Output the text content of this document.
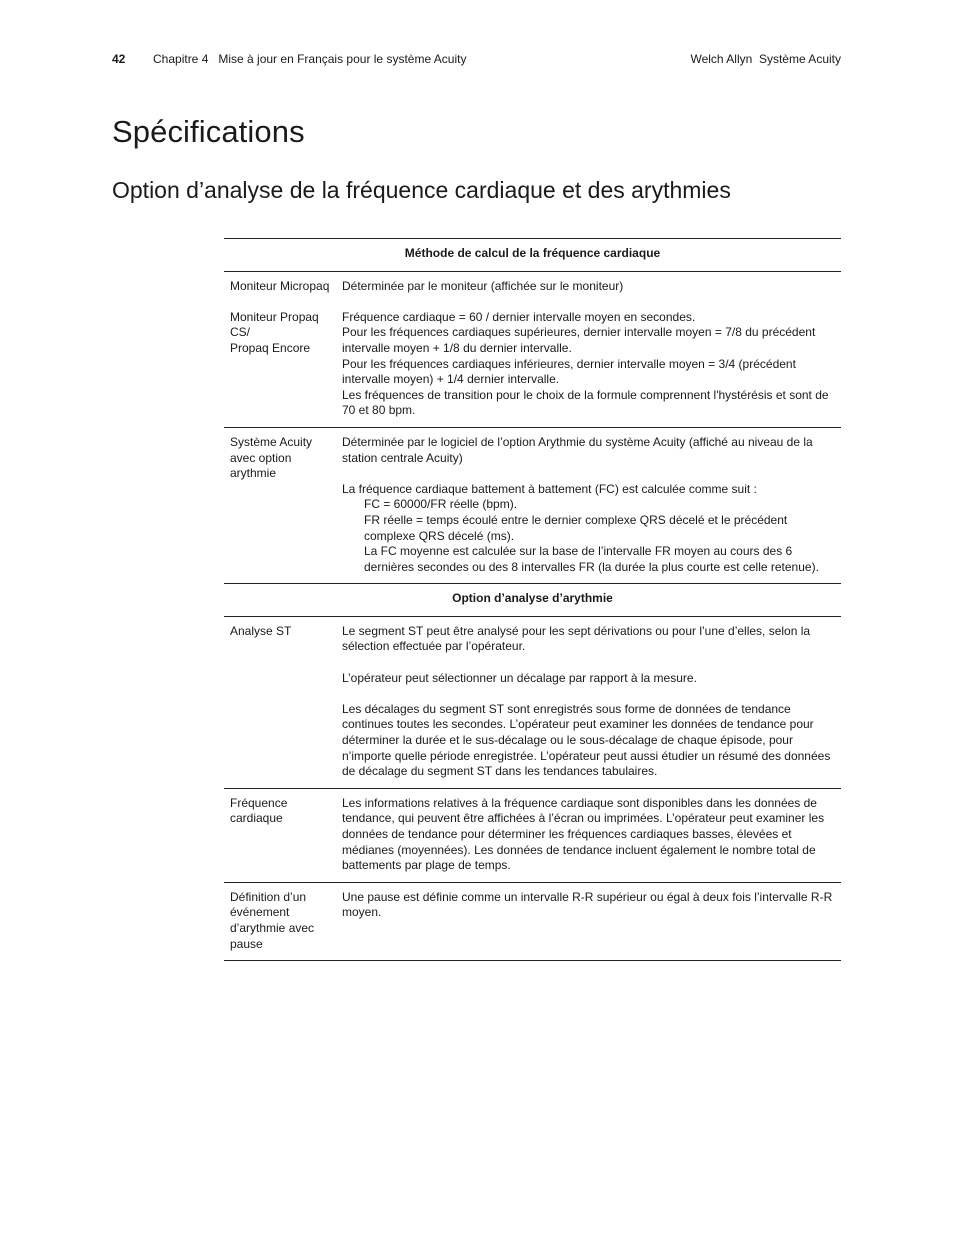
42 Chapitre 4   Mise à jour en Français pour le système Acuity	Welch Allyn  Système Acuity
Spécifications
Option d’analyse de la fréquence cardiaque et des arythmies
Méthode de calcul de la fréquence cardiaque

Moniteur Micropaq

Moniteur Propaq

CS/

Propaq Encore

Déterminée par le moniteur (affichée sur le moniteur)

Fréquence cardiaque = 60 / dernier intervalle moyen en secondes.

Pour les fréquences cardiaques supérieures, dernier intervalle moyen = 7/8 du précédent intervalle moyen + 1/8 du dernier intervalle.

Pour les fréquences cardiaques inférieures, dernier intervalle moyen = 3/4 (précédent intervalle moyen) + 1/4 dernier intervalle.

Les fréquences de transition pour le choix de la formule comprennent l'hystérésis et sont de 70 et 80 bpm.

Système Acuity

avec option

arythmie

Déterminée par le logiciel de l’option Arythmie du système Acuity (affiché au niveau de la station centrale Acuity)

La fréquence cardiaque battement à battement (FC) est calculée comme suit :

FC = 60000/FR réelle (bpm).

FR réelle = temps écoulé entre le dernier complexe QRS décelé et le précédent complexe QRS décelé (ms).

La FC moyenne est calculée sur la base de l’intervalle FR moyen au cours des 6 dernières secondes ou des 8 intervalles FR (la durée la plus courte est celle retenue).

Option d’analyse d’arythmie

Analyse ST	Le segment ST peut être analysé pour les sept dérivations ou pour l’une d’elles, selon la sélection effectuée par l’opérateur.

L’opérateur peut sélectionner un décalage par rapport à la mesure.

Les décalages du segment ST sont enregistrés sous forme de données de tendance continues toutes les secondes. L’opérateur peut examiner les données de tendance pour déterminer la durée et le sus-décalage ou le sous-décalage de chaque épisode, pour n’importe quelle période enregistrée. L’opérateur peut aussi étudier un résumé des données de décalage du segment ST dans les tendances tabulaires.

Fréquence

cardiaque

Les informations relatives à la fréquence cardiaque sont disponibles dans les données de tendance, qui peuvent être affichées à l’écran ou imprimées. L’opérateur peut examiner les données de tendance pour déterminer les fréquences cardiaques basses, élevées et médianes (moyennées). Les données de tendance incluent également le nombre total de battements par plage de temps.

Définition d’un

événement

d’arythmie avec

pause

Une pause est définie comme un intervalle R-R supérieur ou égal à deux fois l’intervalle R-R moyen.
